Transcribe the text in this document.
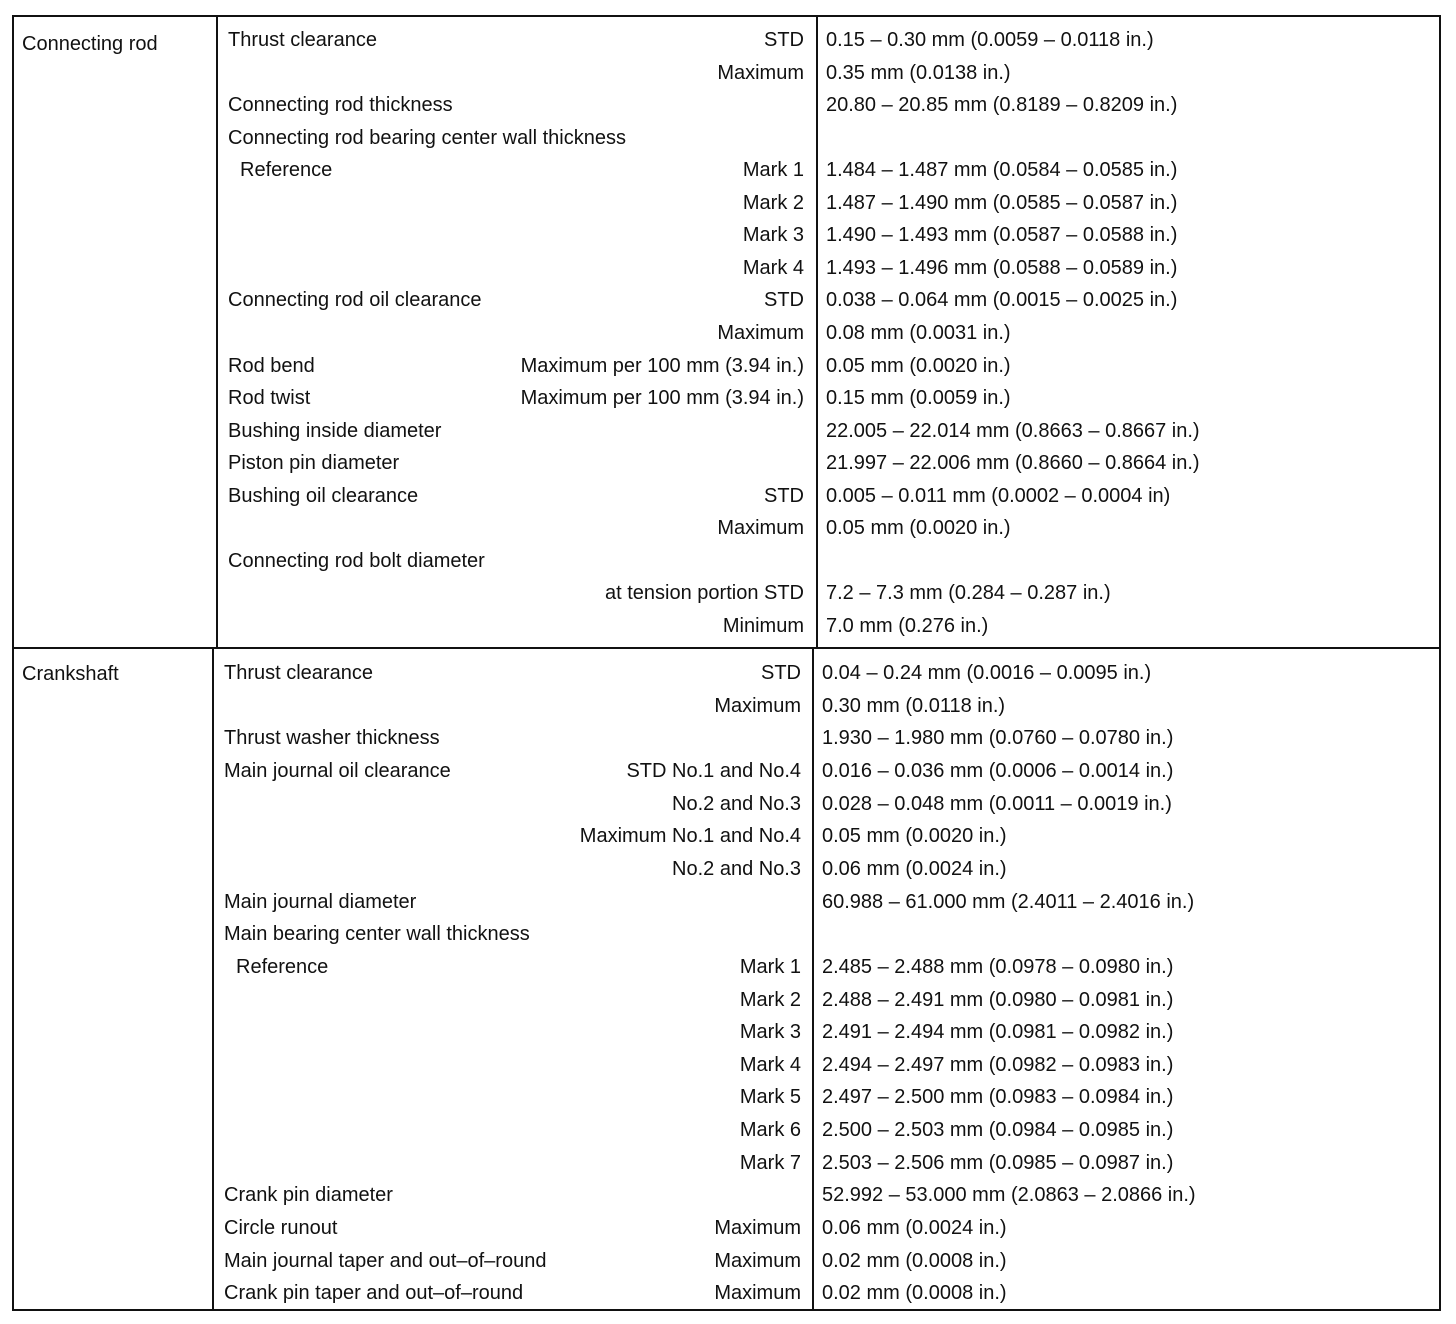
Connecting rod	Thrust clearance	STD 0.15 – 0.30 mm (0.0059 – 0.0118 in.)
Maximum 0.35 mm (0.0138 in.)
Connecting rod thickness	20.80 – 20.85 mm (0.8189 – 0.8209 in.)
Connecting rod bearing center wall thickness
Reference	Mark 1 1.484 – 1.487 mm (0.0584 – 0.0585 in.)
Mark 2 1.487 – 1.490 mm (0.0585 – 0.0587 in.)
Mark 3 1.490 – 1.493 mm (0.0587 – 0.0588 in.)
Mark 4 1.493 – 1.496 mm (0.0588 – 0.0589 in.)
Connecting rod oil clearance	STD 0.038 – 0.064 mm (0.0015 – 0.0025 in.)
Maximum 0.08 mm (0.0031 in.)
Rod bend	Maximum per 100 mm (3.94 in.) 0.05 mm (0.0020 in.)
Rod twist	Maximum per 100 mm (3.94 in.) 0.15 mm (0.0059 in.)
Bushing inside diameter	22.005 – 22.014 mm (0.8663 – 0.8667 in.)
Piston pin diameter	21.997 – 22.006 mm (0.8660 – 0.8664 in.)
Bushing oil clearance	STD 0.005 – 0.011 mm (0.0002 – 0.0004 in)
Maximum 0.05 mm (0.0020 in.)
Connecting rod bolt diameter
at tension portion STD 7.2 – 7.3 mm (0.284 – 0.287 in.)
Minimum 7.0 mm (0.276 in.)
Crankshaft	Thrust clearance	STD 0.04 – 0.24 mm (0.0016 – 0.0095 in.)
Maximum 0.30 mm (0.0118 in.)
Thrust washer thickness	1.930 – 1.980 mm (0.0760 – 0.0780 in.)
Main journal oil clearance	STD No.1 and No.4 0.016 – 0.036 mm (0.0006 – 0.0014 in.)
No.2 and No.3 0.028 – 0.048 mm (0.0011 – 0.0019 in.)
Maximum No.1 and No.4 0.05 mm (0.0020 in.)
No.2 and No.3 0.06 mm (0.0024 in.)
Main journal diameter	60.988 – 61.000 mm (2.4011 – 2.4016 in.)
Main bearing center wall thickness
Reference	Mark 1 2.485 – 2.488 mm (0.0978 – 0.0980 in.)
Mark 2 2.488 – 2.491 mm (0.0980 – 0.0981 in.)
Mark 3 2.491 – 2.494 mm (0.0981 – 0.0982 in.)
Mark 4 2.494 – 2.497 mm (0.0982 – 0.0983 in.)
Mark 5 2.497 – 2.500 mm (0.0983 – 0.0984 in.)
Mark 6 2.500 – 2.503 mm (0.0984 – 0.0985 in.)
Mark 7 2.503 – 2.506 mm (0.0985 – 0.0987 in.)
Crank pin diameter	52.992 – 53.000 mm (2.0863 – 2.0866 in.)
Circle runout	Maximum 0.06 mm (0.0024 in.)
Main journal taper and out–of–round	Maximum 0.02 mm (0.0008 in.)
Crank pin taper and out–of–round	Maximum 0.02 mm (0.0008 in.)
